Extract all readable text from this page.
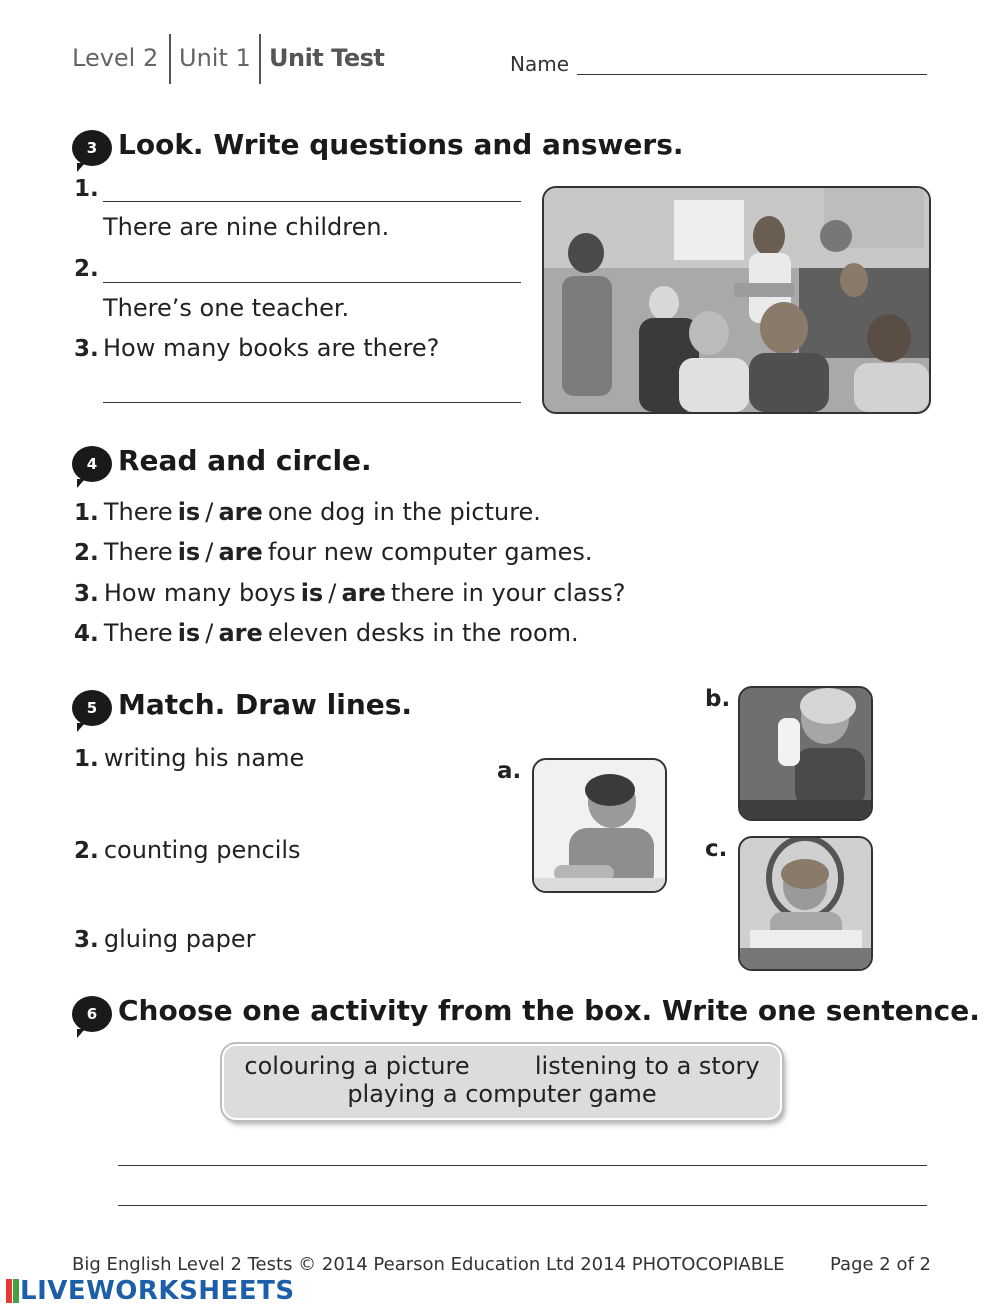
Level 2 Unit 1 Unit Test	Name
3 Look. Write questions and answers.
1.
There are nine children.
2.
There’s one teacher.
3. How many books are there?
4 Read and circle.
1. There is / are one dog in the picture.
2. There is / are four new computer games.
3. How many boys is / are there in your class?
4. There is / are eleven desks in the room.
5 Match. Draw lines.
1. writing his name
2. counting pencils
3. gluing paper
a.
b.
c.
6 Choose one activity from the box. Write one sentence.
colouring a picture	listening to a story
playing a computer game
Big English Level 2 Tests © 2014 Pearson Education Ltd 2014 PHOTOCOPIABLE	Page 2 of 2
LIVEWORKSHEETS
